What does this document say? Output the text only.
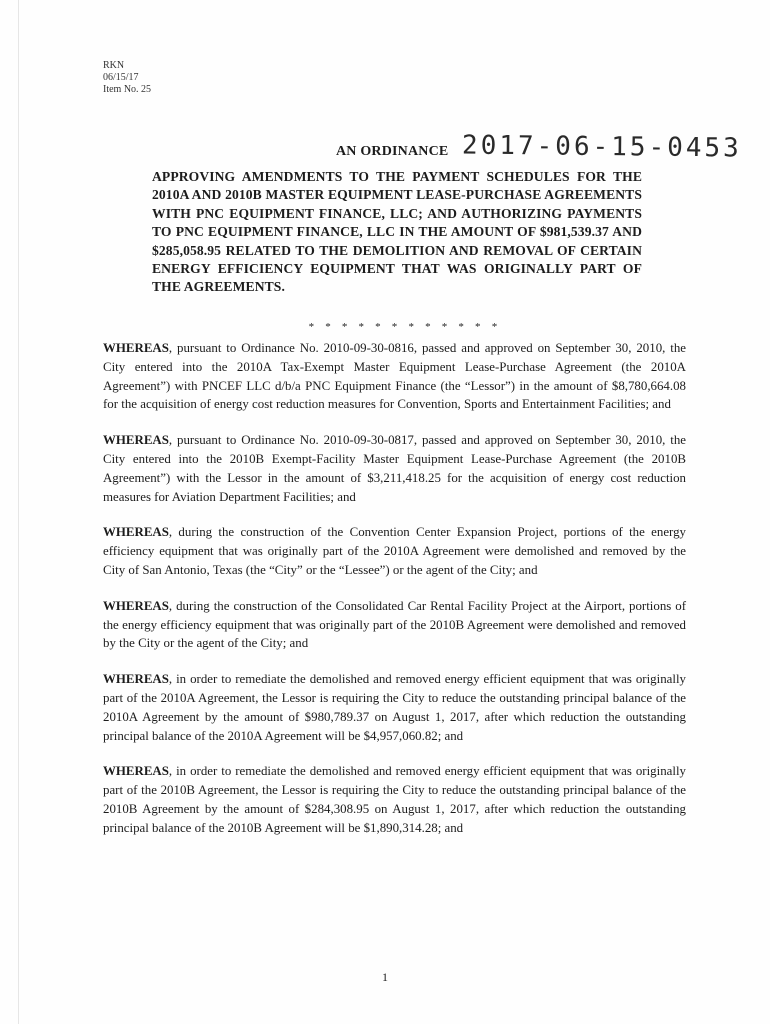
RKN
06/15/17
Item No. 25
AN ORDINANCE 2017-06-15-0453

APPROVING AMENDMENTS TO THE PAYMENT SCHEDULES FOR THE 2010A AND 2010B MASTER EQUIPMENT LEASE-PURCHASE AGREEMENTS WITH PNC EQUIPMENT FINANCE, LLC; AND AUTHORIZING PAYMENTS TO PNC EQUIPMENT FINANCE, LLC IN THE AMOUNT OF $981,539.37 AND $285,058.95 RELATED TO THE DEMOLITION AND REMOVAL OF CERTAIN ENERGY EFFICIENCY EQUIPMENT THAT WAS ORIGINALLY PART OF THE AGREEMENTS.

* * * * * * * * * * * *

WHEREAS, pursuant to Ordinance No. 2010-09-30-0816, passed and approved on September 30, 2010, the City entered into the 2010A Tax-Exempt Master Equipment Lease-Purchase Agreement (the 2010A Agreement”) with PNCEF LLC d/b/a PNC Equipment Finance (the “Lessor”) in the amount of $8,780,664.08 for the acquisition of energy cost reduction measures for Convention, Sports and Entertainment Facilities; and

WHEREAS, pursuant to Ordinance No. 2010-09-30-0817, passed and approved on September 30, 2010, the City entered into the 2010B Exempt-Facility Master Equipment Lease-Purchase Agreement (the 2010B Agreement”) with the Lessor in the amount of $3,211,418.25 for the acquisition of energy cost reduction measures for Aviation Department Facilities; and

WHEREAS, during the construction of the Convention Center Expansion Project, portions of the energy efficiency equipment that was originally part of the 2010A Agreement were demolished and removed by the City of San Antonio, Texas (the “City” or the “Lessee”) or the agent of the City; and

WHEREAS, during the construction of the Consolidated Car Rental Facility Project at the Airport, portions of the energy efficiency equipment that was originally part of the 2010B Agreement were demolished and removed by the City or the agent of the City; and

WHEREAS, in order to remediate the demolished and removed energy efficient equipment that was originally part of the 2010A Agreement, the Lessor is requiring the City to reduce the outstanding principal balance of the 2010A Agreement by the amount of $980,789.37 on August 1, 2017, after which reduction the outstanding principal balance of the 2010A Agreement will be $4,957,060.82; and

WHEREAS, in order to remediate the demolished and removed energy efficient equipment that was originally part of the 2010B Agreement, the Lessor is requiring the City to reduce the outstanding principal balance of the 2010B Agreement by the amount of $284,308.95 on August 1, 2017, after which reduction the outstanding principal balance of the 2010B Agreement will be $1,890,314.28; and

1
